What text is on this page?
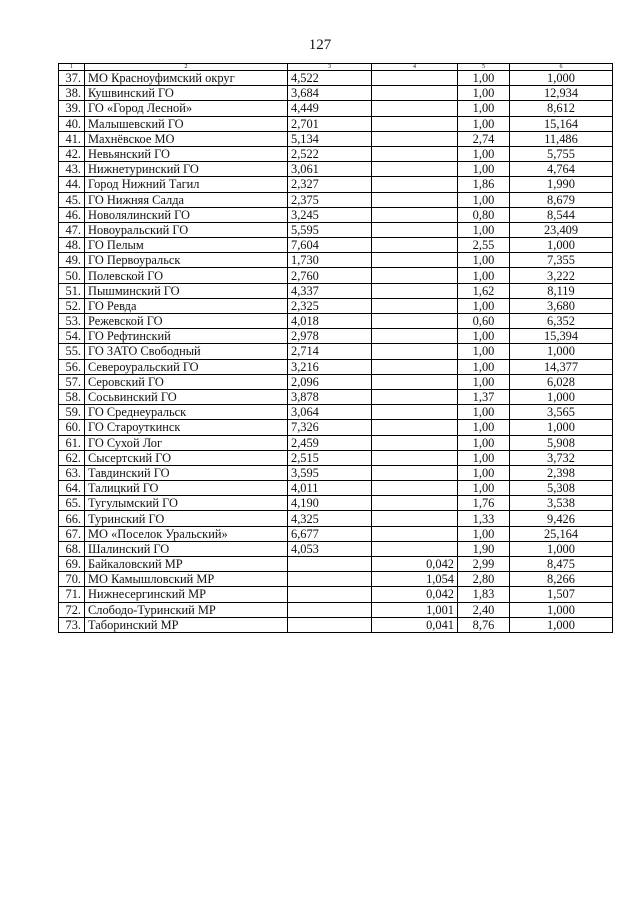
127
1	2	3	4	5	6
37.	МО Красноуфимский округ	4,522		1,00	1,000
38.	Кушвинский ГО	3,684		1,00	12,934
39.	ГО «Город Лесной»	4,449		1,00	8,612
40.	Малышевский ГО	2,701		1,00	15,164
41.	Махнёвское МО	5,134		2,74	11,486
42.	Невьянский ГО	2,522		1,00	5,755
43.	Нижнетуринский ГО	3,061		1,00	4,764
44.	Город Нижний Тагил	2,327		1,86	1,990
45.	ГО Нижняя Салда	2,375		1,00	8,679
46.	Новолялинский ГО	3,245		0,80	8,544
47.	Новоуральский ГО	5,595		1,00	23,409
48.	ГО Пелым	7,604		2,55	1,000
49.	ГО Первоуральск	1,730		1,00	7,355
50.	Полевской ГО	2,760		1,00	3,222
51.	Пышминский ГО	4,337		1,62	8,119
52.	ГО Ревда	2,325		1,00	3,680
53.	Режевской ГО	4,018		0,60	6,352
54.	ГО Рефтинский	2,978		1,00	15,394
55.	ГО ЗАТО Свободный	2,714		1,00	1,000
56.	Североуральский ГО	3,216		1,00	14,377
57.	Серовский ГО	2,096		1,00	6,028
58.	Сосьвинский ГО	3,878		1,37	1,000
59.	ГО Среднеуральск	3,064		1,00	3,565
60.	ГО Староуткинск	7,326		1,00	1,000
61.	ГО Сухой Лог	2,459		1,00	5,908
62.	Сысертский ГО	2,515		1,00	3,732
63.	Тавдинский ГО	3,595		1,00	2,398
64.	Талицкий ГО	4,011		1,00	5,308
65.	Тугулымский ГО	4,190		1,76	3,538
66.	Туринский ГО	4,325		1,33	9,426
67.	МО «Поселок Уральский»	6,677		1,00	25,164
68.	Шалинский ГО	4,053		1,90	1,000
69.	Байкаловский МР		0,042	2,99	8,475
70.	МО Камышловский МР		1,054	2,80	8,266
71.	Нижнесергинский МР		0,042	1,83	1,507
72.	Слободо-Туринский МР		1,001	2,40	1,000
73.	Таборинский МР		0,041	8,76	1,000
